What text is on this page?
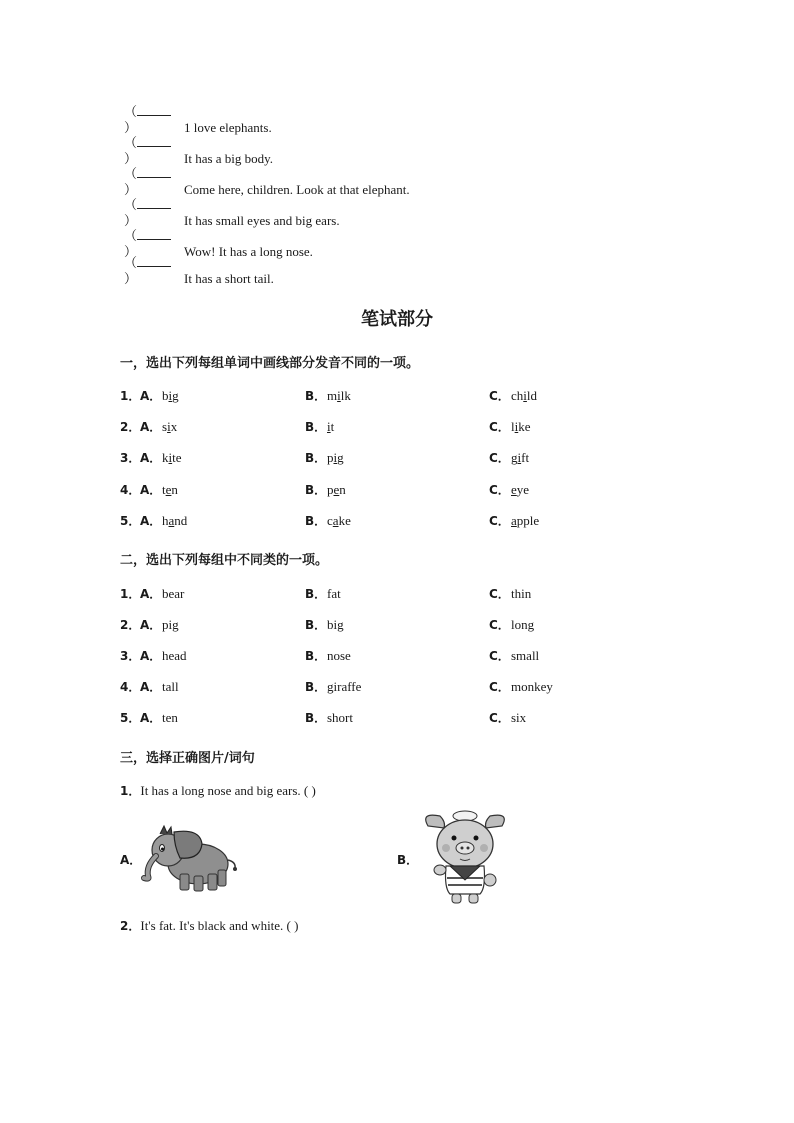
（）	1 love elephants.
（）	It has a big body.
（）	Come here, children. Look at that elephant.
（）	It has small eyes and big ears.
（）	Wow! It has a long nose.
（）	It has a short tail.
笔试部分
一，选出下列每组单词中画线部分发音不同的一项。
1． A．big	B．milk	C．child
2． A．six	B．it	C．like
3． A．kite	B．pig	C．gift
4． A．ten	B．pen	C．eye
5． A．hand	B．cake	C．apple
二，选出下列每组中不同类的一项。
1． A．bear	B．fat	C．thin
2． A．pig	B．big	C．long
3． A．head	B．nose	C．small
4． A．tall	B．giraffe	C．monkey
5． A．ten	B．short	C．six
三，选择正确图片/词句
1．It has a long nose and big ears. ( )
A．	B．
2．It's fat. It's black and white. ( )
